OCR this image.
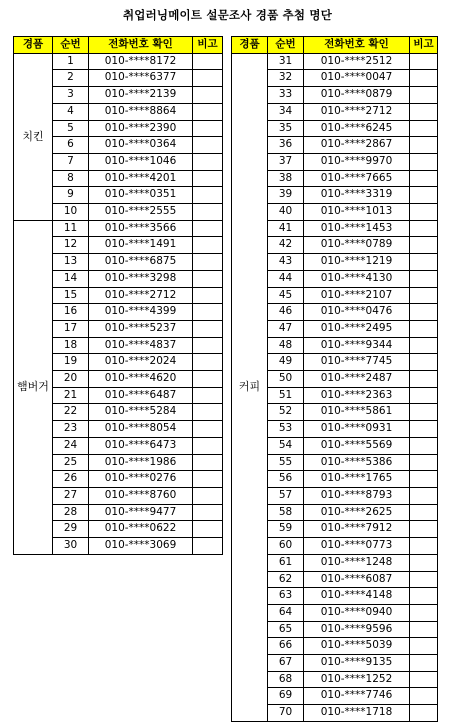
취업러닝메이트 설문조사 경품 추첨 명단
경품	순번	전화번호 확인	비고
치킨	1	010-****8172	
	2	010-****6377	
	3	010-****2139	
	4	010-****8864	
	5	010-****2390	
	6	010-****0364	
	7	010-****1046	
	8	010-****4201	
	9	010-****0351	
	10	010-****2555	
햄버거	11	010-****3566	
	12	010-****1491	
	13	010-****6875	
	14	010-****3298	
	15	010-****2712	
	16	010-****4399	
	17	010-****5237	
	18	010-****4837	
	19	010-****2024	
	20	010-****4620	
	21	010-****6487	
	22	010-****5284	
	23	010-****8054	
	24	010-****6473	
	25	010-****1986	
	26	010-****0276	
	27	010-****8760	
	28	010-****9477	
	29	010-****0622	
	30	010-****3069	
경품	순번	전화번호 확인	비고
커피	31	010-****2512	
	32	010-****0047	
	33	010-****0879	
	34	010-****2712	
	35	010-****6245	
	36	010-****2867	
	37	010-****9970	
	38	010-****7665	
	39	010-****3319	
	40	010-****1013	
	41	010-****1453	
	42	010-****0789	
	43	010-****1219	
	44	010-****4130	
	45	010-****2107	
	46	010-****0476	
	47	010-****2495	
	48	010-****9344	
	49	010-****7745	
	50	010-****2487	
	51	010-****2363	
	52	010-****5861	
	53	010-****0931	
	54	010-****5569	
	55	010-****5386	
	56	010-****1765	
	57	010-****8793	
	58	010-****2625	
	59	010-****7912	
	60	010-****0773	
	61	010-****1248	
	62	010-****6087	
	63	010-****4148	
	64	010-****0940	
	65	010-****9596	
	66	010-****5039	
	67	010-****9135	
	68	010-****1252	
	69	010-****7746	
	70	010-****1718	
